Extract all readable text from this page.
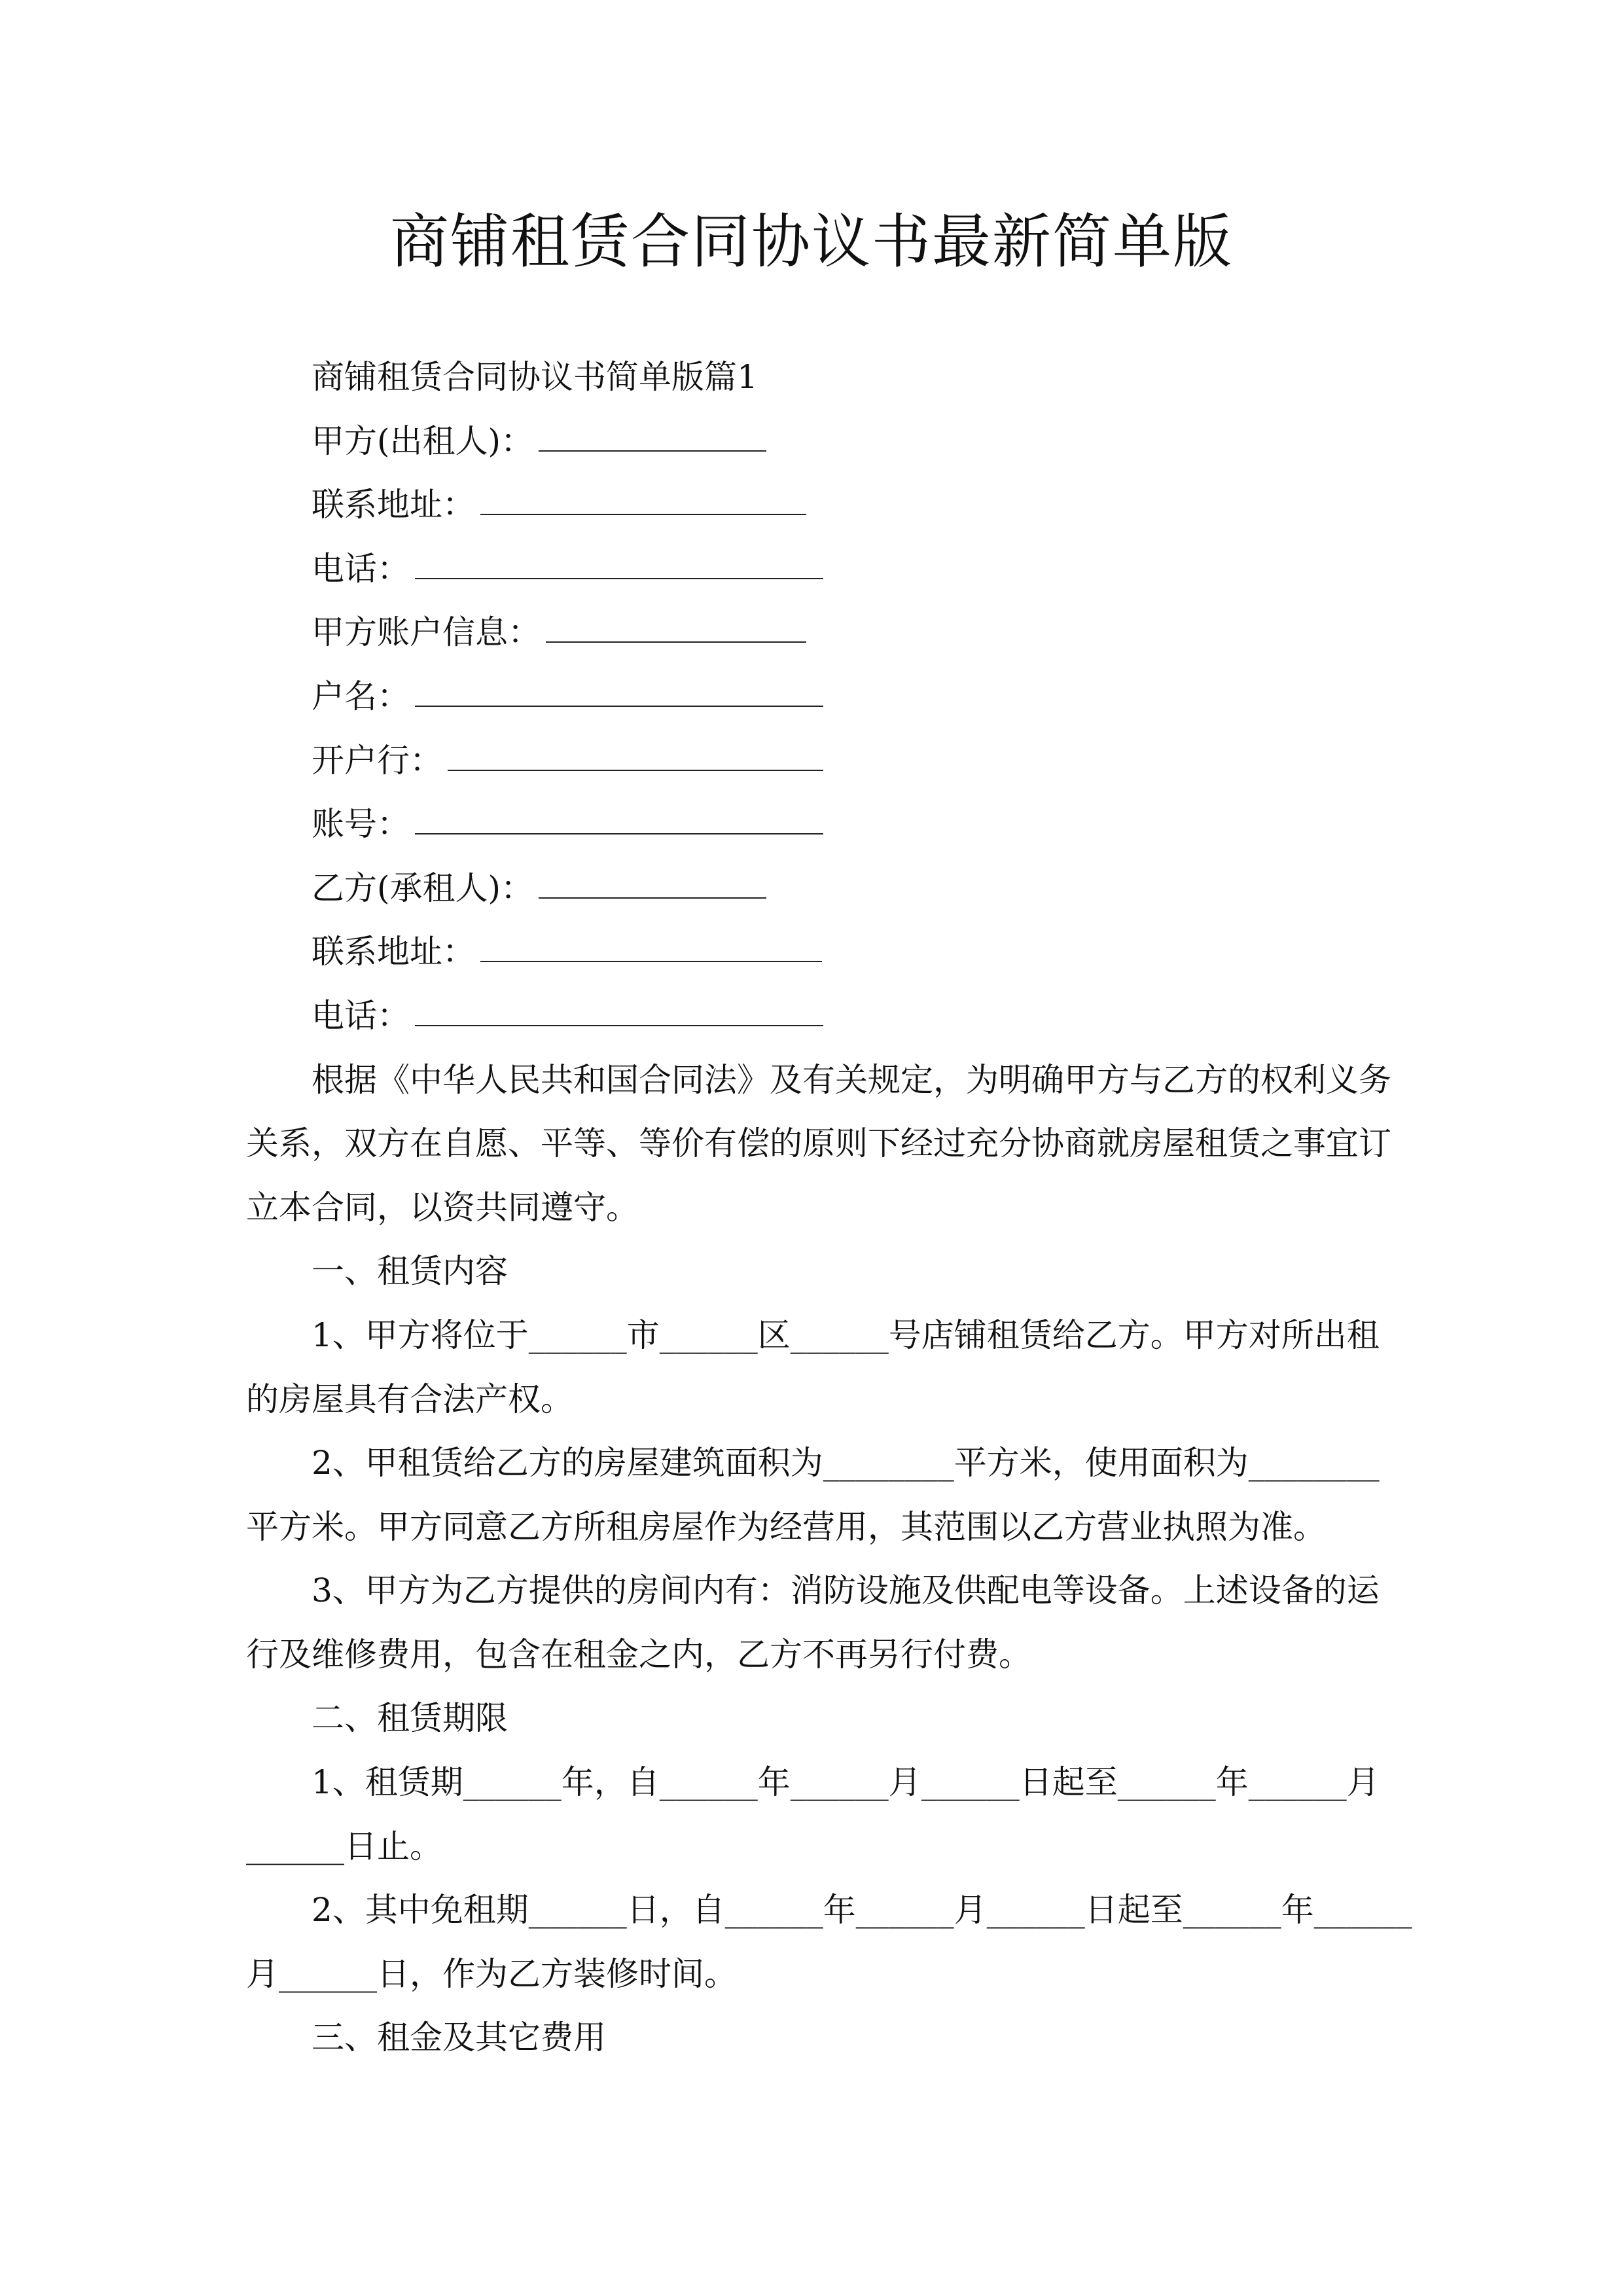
商铺租赁合同协议书最新简单版
商铺租赁合同协议书简单版篇1
甲方(出租人)：
联系地址：
电话：
甲方账户信息：
户名：
开户行：
账号：
乙方(承租人)：
联系地址：
电话：
根据《中华人民共和国合同法》及有关规定，为明确甲方与乙方的权利义务
关系，双方在自愿、平等、等价有偿的原则下经过充分协商就房屋租赁之事宜订
立本合同，以资共同遵守。
一、租赁内容
1、甲方将位于______市______区______号店铺租赁给乙方。甲方对所出租
的房屋具有合法产权。
2、甲租赁给乙方的房屋建筑面积为________平方米，使用面积为________
平方米。甲方同意乙方所租房屋作为经营用，其范围以乙方营业执照为准。
3、甲方为乙方提供的房间内有：消防设施及供配电等设备。上述设备的运
行及维修费用，包含在租金之内，乙方不再另行付费。
二、租赁期限
1、租赁期______年，自______年______月______日起至______年______月
______日止。
2、其中免租期______日，自______年______月______日起至______年______
月______日，作为乙方装修时间。
三、租金及其它费用
